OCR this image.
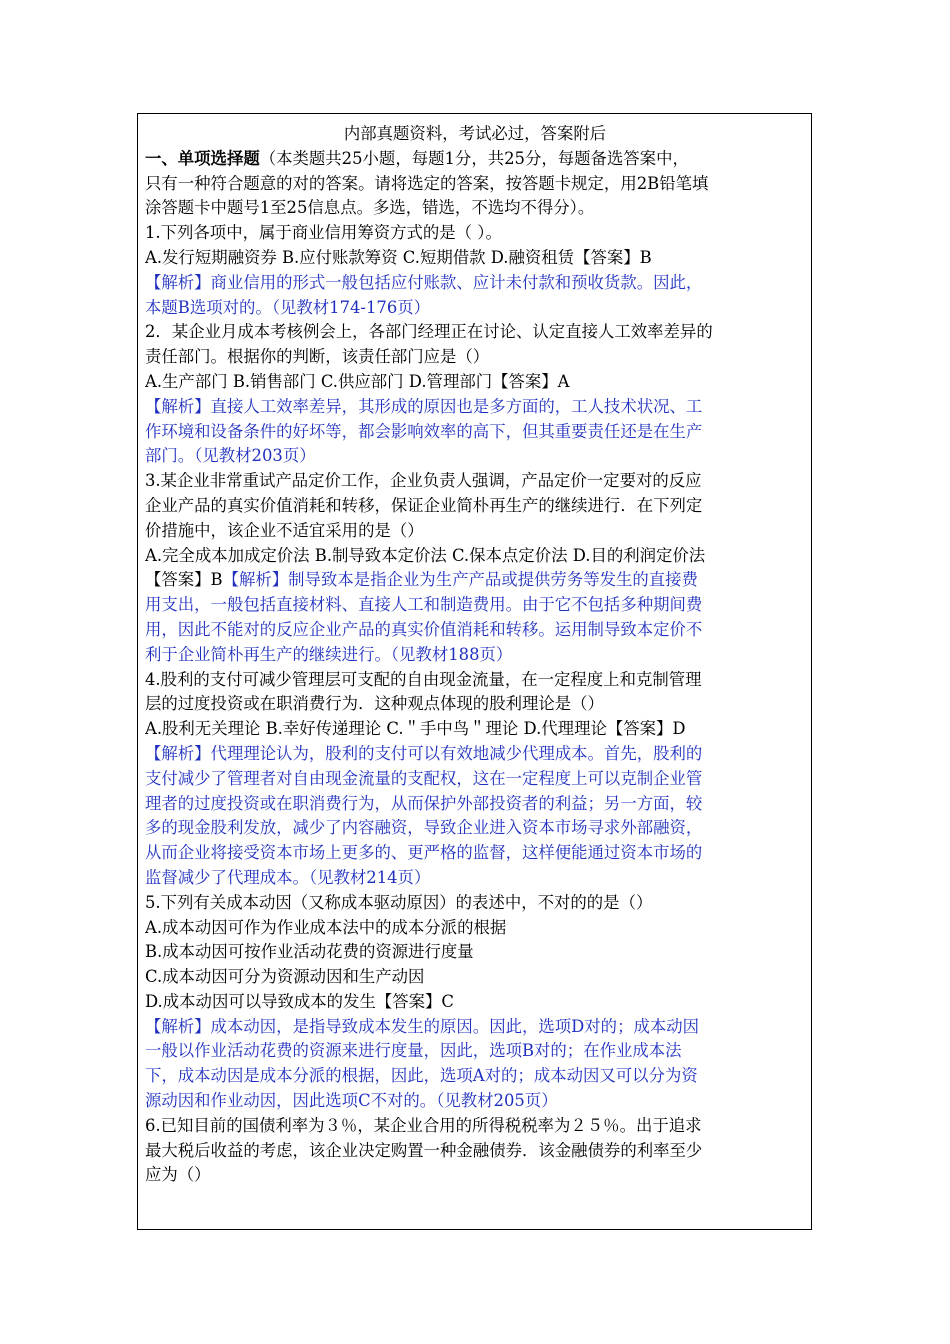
内部真题资料，考试必过，答案附后
一、单项选择题（本类题共25小题，每题1分，共25分，每题备选答案中，
只有一种符合题意的对的答案。请将选定的答案，按答题卡规定，用2B铅笔填
涂答题卡中题号1至25信息点。多选，错选，不选均不得分）。
1.下列各项中，属于商业信用筹资方式的是（ ）。
A.发行短期融资券 B.应付账款筹资 C.短期借款 D.融资租赁【答案】B
【解析】商业信用的形式一般包括应付账款、应计未付款和预收货款。因此，
本题B选项对的。（见教材174-176页）
2．某企业月成本考核例会上，各部门经理正在讨论、认定直接人工效率差异的
责任部门。根据你的判断，该责任部门应是（）
A.生产部门 B.销售部门 C.供应部门 D.管理部门【答案】A
【解析】直接人工效率差异，其形成的原因也是多方面的，工人技术状况、工
作环境和设备条件的好坏等，都会影响效率的高下，但其重要责任还是在生产
部门。（见教材203页）
3.某企业非常重试产品定价工作，企业负责人强调，产品定价一定要对的反应
企业产品的真实价值消耗和转移，保证企业简朴再生产的继续进行．在下列定
价措施中，该企业不适宜采用的是（）
A.完全成本加成定价法 B.制导致本定价法 C.保本点定价法 D.目的利润定价法
【答案】B【解析】制导致本是指企业为生产产品或提供劳务等发生的直接费
用支出，一般包括直接材料、直接人工和制造费用。由于它不包括多种期间费
用，因此不能对的反应企业产品的真实价值消耗和转移。运用制导致本定价不
利于企业简朴再生产的继续进行。（见教材188页）
4.股利的支付可减少管理层可支配的自由现金流量，在一定程度上和克制管理
层的过度投资或在职消费行为．这种观点体现的股利理论是（）
A.股利无关理论 B.幸好传递理论 C.＂手中鸟＂理论 D.代理理论【答案】D
【解析】代理理论认为，股利的支付可以有效地减少代理成本。首先，股利的
支付减少了管理者对自由现金流量的支配权，这在一定程度上可以克制企业管
理者的过度投资或在职消费行为，从而保护外部投资者的利益；另一方面，较
多的现金股利发放，减少了内容融资，导致企业进入资本市场寻求外部融资，
从而企业将接受资本市场上更多的、更严格的监督，这样便能通过资本市场的
监督减少了代理成本。（见教材214页）
5.下列有关成本动因（又称成本驱动原因）的表述中，不对的的是（）
A.成本动因可作为作业成本法中的成本分派的根据
B.成本动因可按作业活动花费的资源进行度量
C.成本动因可分为资源动因和生产动因
D.成本动因可以导致成本的发生【答案】C
【解析】成本动因，是指导致成本发生的原因。因此，选项D对的；成本动因
一般以作业活动花费的资源来进行度量，因此，选项B对的；在作业成本法
下，成本动因是成本分派的根据，因此，选项A对的；成本动因又可以分为资
源动因和作业动因，因此选项C不对的。（见教材205页）
6.已知目前的国债利率为３％，某企业合用的所得税税率为２５％。出于追求
最大税后收益的考虑，该企业决定购置一种金融债券．该金融债券的利率至少
应为（）
